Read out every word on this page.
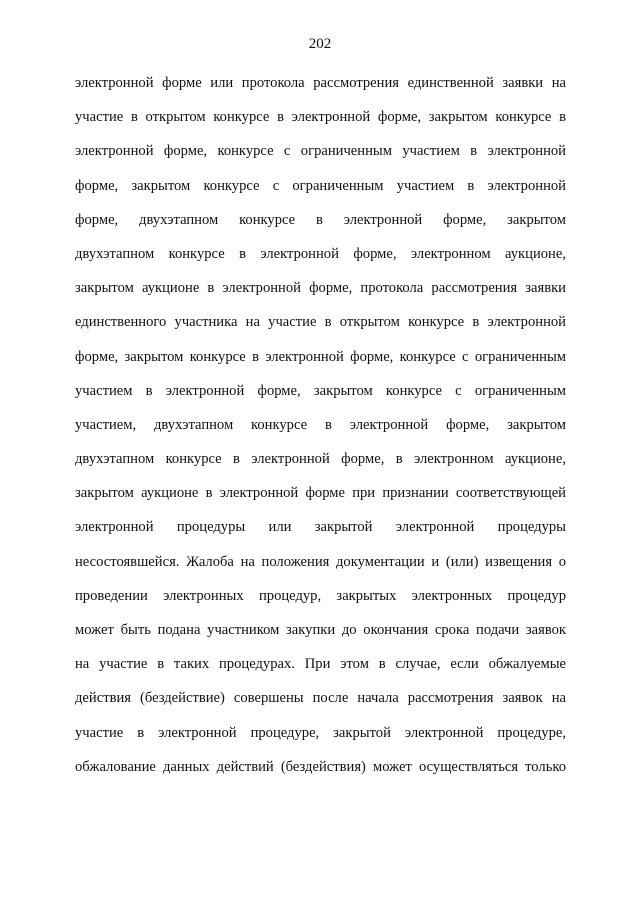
202
электронной форме или протокола рассмотрения единственной заявки на
участие в открытом конкурсе в электронной форме, закрытом конкурсе в
электронной форме, конкурсе с ограниченным участием в электронной
форме, закрытом конкурсе с ограниченным участием в электронной
форме, двухэтапном конкурсе в электронной форме, закрытом
двухэтапном конкурсе в электронной форме, электронном аукционе,
закрытом аукционе в электронной форме, протокола рассмотрения заявки
единственного участника на участие в открытом конкурсе в электронной
форме, закрытом конкурсе в электронной форме, конкурсе с ограниченным
участием в электронной форме, закрытом конкурсе с ограниченным
участием, двухэтапном конкурсе в электронной форме, закрытом
двухэтапном конкурсе в электронной форме, в электронном аукционе,
закрытом аукционе в электронной форме при признании соответствующей
электронной процедуры или закрытой электронной процедуры
несостоявшейся. Жалоба на положения документации и (или) извещения о
проведении электронных процедур, закрытых электронных процедур
может быть подана участником закупки до окончания срока подачи заявок
на участие в таких процедурах. При этом в случае, если обжалуемые
действия (бездействие) совершены после начала рассмотрения заявок на
участие в электронной процедуре, закрытой электронной процедуре,
обжалование данных действий (бездействия) может осуществляться только
